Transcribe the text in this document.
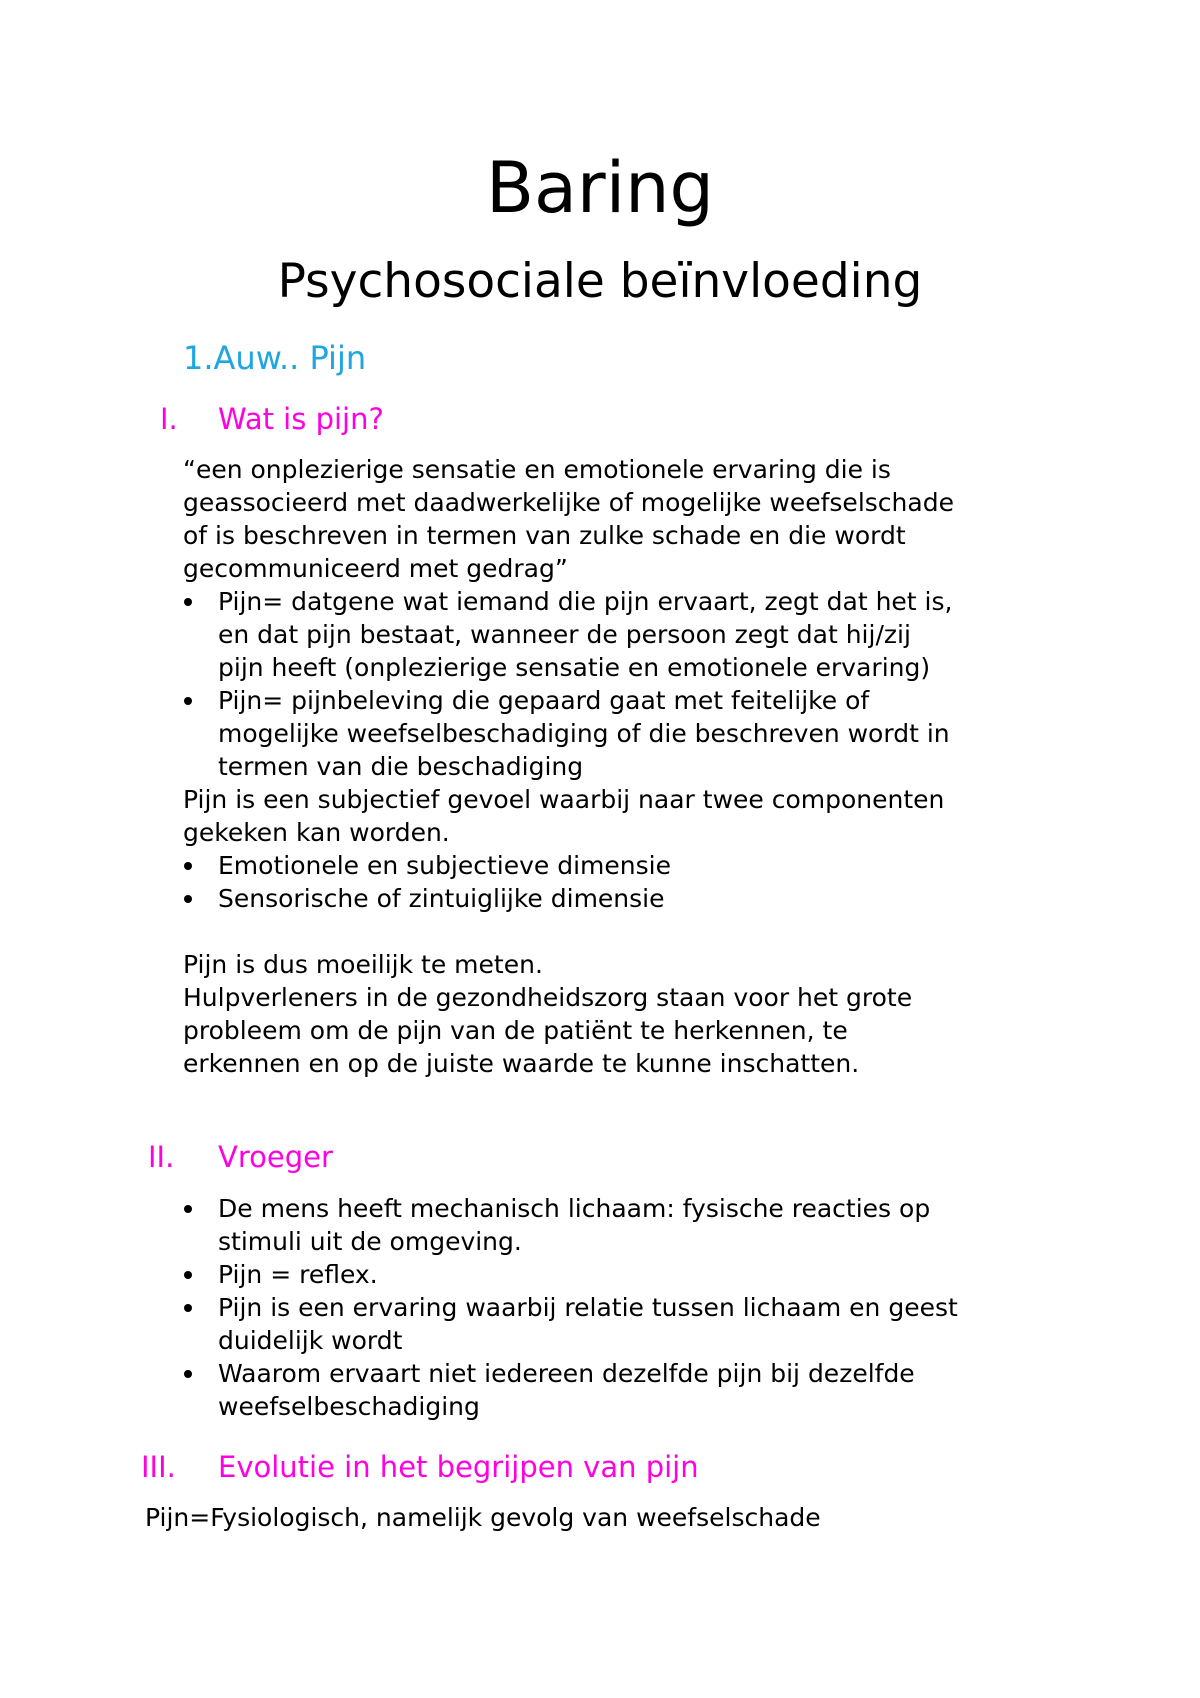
Baring
Psychosociale beïnvloeding
1.Auw.. Pijn
I. Wat is pijn?
“een onplezierige sensatie en emotionele ervaring die is
geassocieerd met daadwerkelijke of mogelijke weefselschade
of is beschreven in termen van zulke schade en die wordt
gecommuniceerd met gedrag”
Pijn= datgene wat iemand die pijn ervaart, zegt dat het is,
en dat pijn bestaat, wanneer de persoon zegt dat hij/zij
pijn heeft (onplezierige sensatie en emotionele ervaring)
Pijn= pijnbeleving die gepaard gaat met feitelijke of
mogelijke weefselbeschadiging of die beschreven wordt in
termen van die beschadiging
Pijn is een subjectief gevoel waarbij naar twee componenten
gekeken kan worden.
Emotionele en subjectieve dimensie
Sensorische of zintuiglijke dimensie
Pijn is dus moeilijk te meten.
Hulpverleners in de gezondheidszorg staan voor het grote
probleem om de pijn van de patiënt te herkennen, te
erkennen en op de juiste waarde te kunne inschatten.
II. Vroeger
De mens heeft mechanisch lichaam: fysische reacties op
stimuli uit de omgeving.
Pijn = reflex.
Pijn is een ervaring waarbij relatie tussen lichaam en geest
duidelijk wordt
Waarom ervaart niet iedereen dezelfde pijn bij dezelfde
weefselbeschadiging
III. Evolutie in het begrijpen van pijn
Pijn=Fysiologisch, namelijk gevolg van weefselschade
